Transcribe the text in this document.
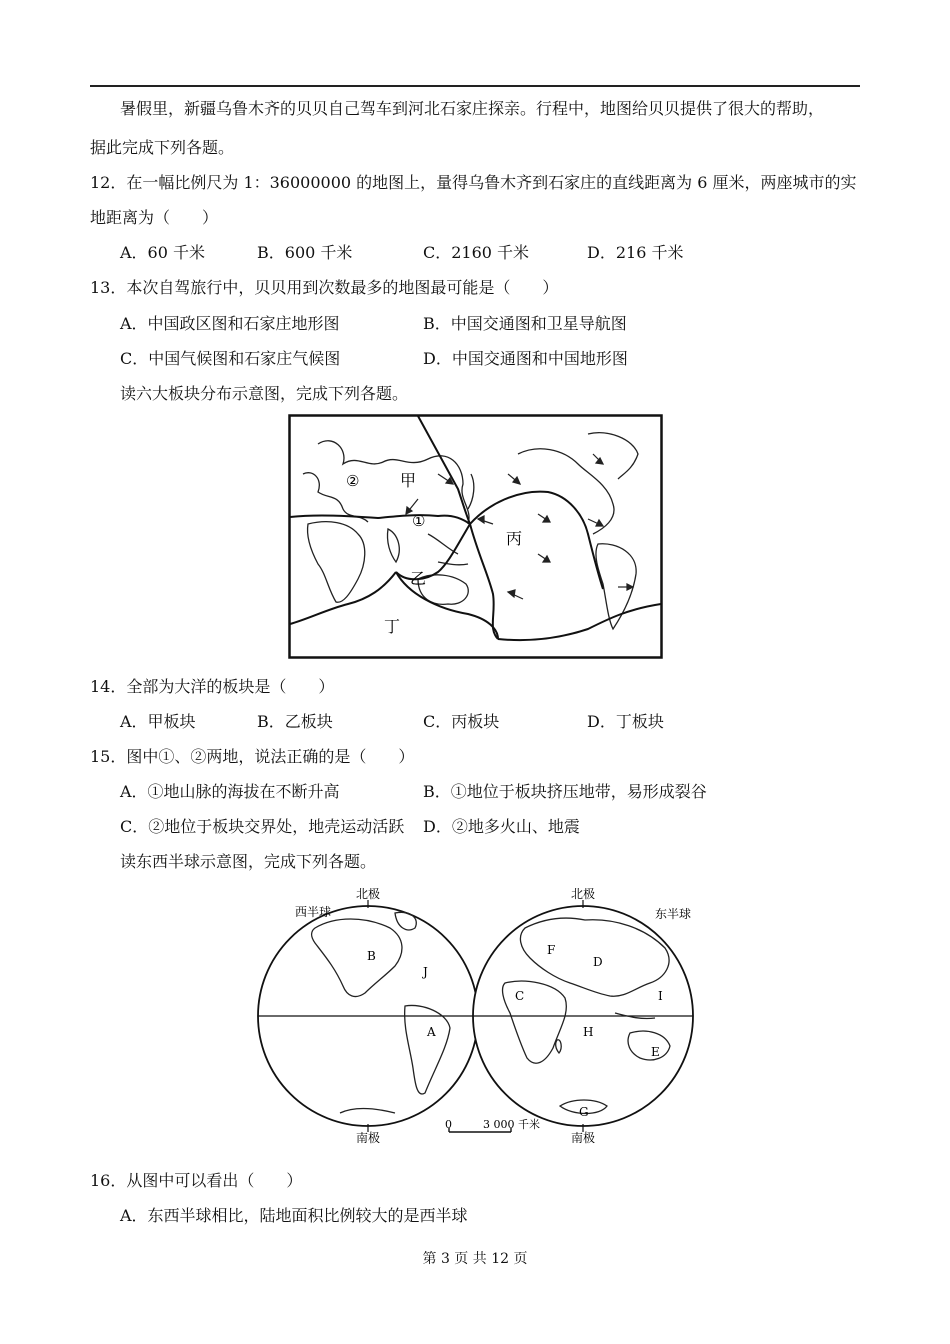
暑假里，新疆乌鲁木齐的贝贝自己驾车到河北石家庄探亲。行程中，地图给贝贝提供了很大的帮助，
据此完成下列各题。
12．在一幅比例尺为 1：36000000 的地图上，量得乌鲁木齐到石家庄的直线距离为 6 厘米，两座城市的实
地距离为（　　）
A．60 千米	B．600 千米	C．2160 千米	D．216 千米
13．本次自驾旅行中，贝贝用到次数最多的地图最可能是（　　）
A．中国政区图和石家庄地形图	B．中国交通图和卫星导航图
C．中国气候图和石家庄气候图	D．中国交通图和中国地形图
读六大板块分布示意图，完成下列各题。
甲
乙
丙
丁
①
②
14．全部为大洋的板块是（　　）
A．甲板块	B．乙板块	C．丙板块	D．丁板块
15．图中①、②两地，说法正确的是（　　）
A．①地山脉的海拔在不断升高	B．①地位于板块挤压地带，易形成裂谷
C．②地位于板块交界处，地壳运动活跃 D．②地多火山、地震
读东西半球示意图，完成下列各题。
西半球	东半球
北极	北极
南极	南极
0	3 000 千米
A
B
C
D
E
F
G
H
I
J
16．从图中可以看出（　　）
A．东西半球相比，陆地面积比例较大的是西半球
第 3 页 共 12 页
